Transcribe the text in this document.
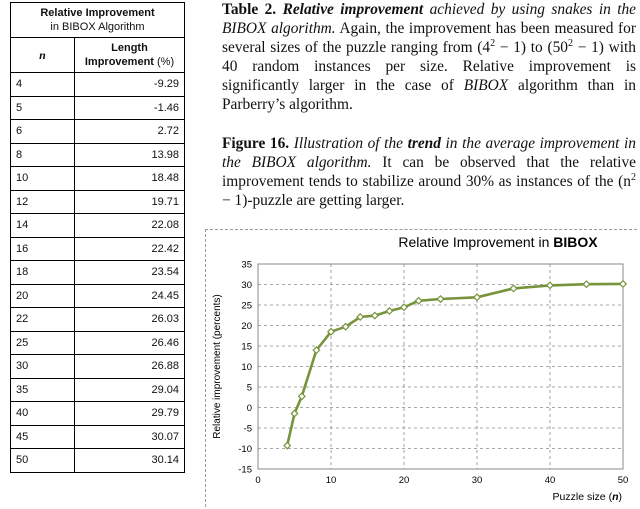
Relative Improvement
in BIBOX Algorithm	
n	Length
Improvement (%)
4	-9.29
5	-1.46
6	2.72
8	13.98
10	18.48
12	19.71
14	22.08
16	22.42
18	23.54
20	24.45
22	26.03
25	26.46
30	26.88
35	29.04
40	29.79
45	30.07
50	30.14
Table 2. Relative improvement achieved by using snakes in the BIBOX algorithm. Again, the improvement has been measured for several sizes of the puzzle ranging from $(4^2 - 1)$ to $(50^2 - 1)$ with 40 random instances per size. Relative improvement is significantly larger in the case of BIBOX algorithm than in Parberry’s algorithm.
Figure 16. Illustration of the trend in the average improvement in the BIBOX algorithm. It can be observed that the relative improvement tends to stabilize around 30% as instances of the ($n^2$ − 1)-puzzle are getting larger.
Relative Improvement in BIBOX
-15
-10
-5
0
5
10
15
20
25
30
35
0	10	20	30	40	50
Relative improvement (percents)
Puzzle size (n)
